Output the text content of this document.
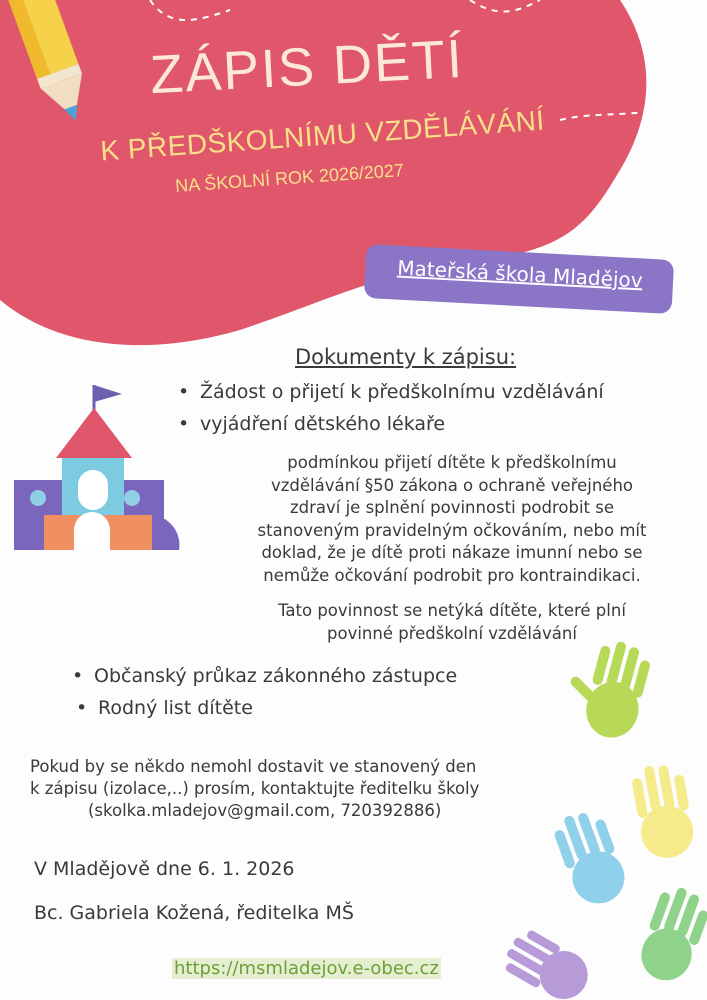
ZÁPIS DĚTÍ
K PŘEDŠKOLNÍMU VZDĚLÁVÁNÍ
NA ŠKOLNÍ ROK 2026/2027
Mateřská škola Mladějov
Dokumenty k zápisu:
• Žádost o přijetí k předškolnímu vzdělávání
• vyjádření dětského lékaře
podmínkou přijetí dítěte k předškolnímu
vzdělávání §50 zákona o ochraně veřejného
zdraví je splnění povinnosti podrobit se
stanoveným pravidelným očkováním, nebo mít
doklad, že je dítě proti nákaze imunní nebo se
nemůže očkování podrobit pro kontraindikaci.
Tato povinnost se netýká dítěte, které plní
povinné předškolní vzdělávání
• Občanský průkaz zákonného zástupce
• Rodný list dítěte
Pokud by se někdo nemohl dostavit ve stanovený den
k zápisu (izolace,..) prosím, kontaktujte ředitelku školy
(skolka.mladejov@gmail.com, 720392886)
V Mladějově dne 6. 1. 2026
Bc. Gabriela Kožená, ředitelka MŠ
https://msmladejov.e-obec.cz
